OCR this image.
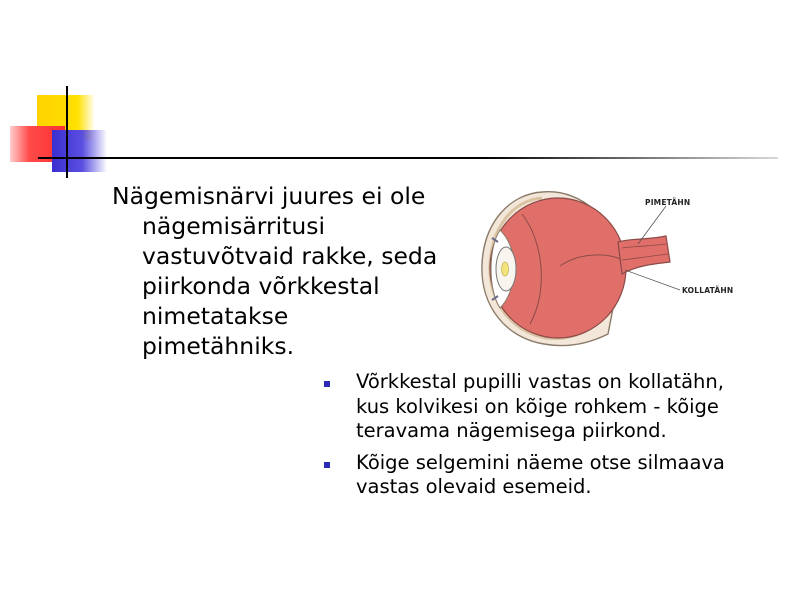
Nägemisnärvi juures ei ole nägemisärritusi vastuvõtvaid rakke, seda piirkonda võrkkestal nimetatakse pimetähniks.

PIMETÄHN
KOLLATÄHN
Võrkkestal pupilli vastas on kollatähn, kus kolvikesi on kõige rohkem - kõige teravama nägemisega piirkond.
Kõige selgemini näeme otse silmaava vastas olevaid esemeid.
